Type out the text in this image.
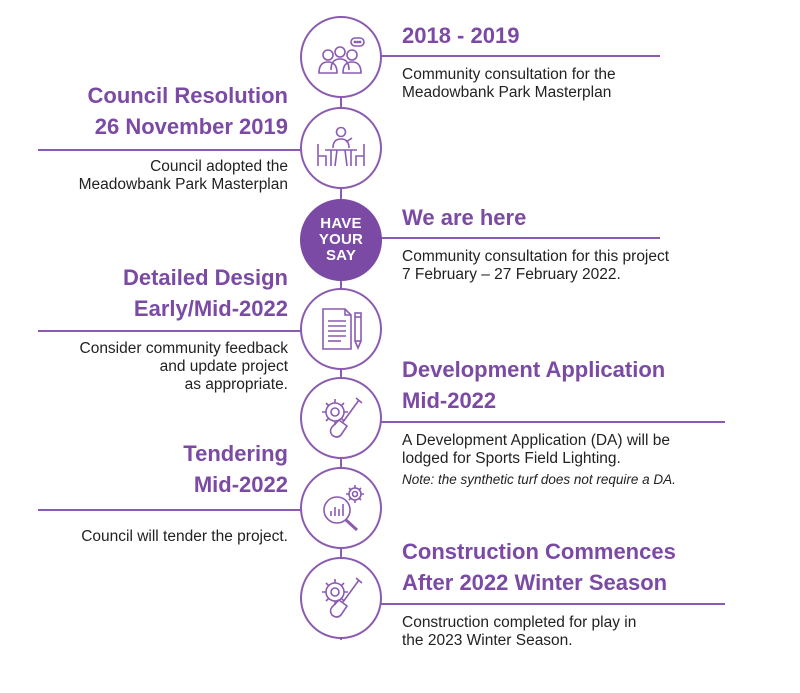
2018 - 2019
Community consultation for the
Meadowbank Park Masterplan
Council Resolution
26 November 2019
Council adopted the
Meadowbank Park Masterplan
HAVE
YOUR
SAY
We are here
Community consultation for this project
7 February – 27 February 2022.
Detailed Design
Early/Mid-2022
Consider community feedback
and update project
as appropriate.
Development Application
Mid-2022
A Development Application (DA) will be
lodged for Sports Field Lighting.
Note: the synthetic turf does not require a DA.
Tendering
Mid-2022
Council will tender the project.
Construction Commences
After 2022 Winter Season
Construction completed for play in
the 2023 Winter Season.
